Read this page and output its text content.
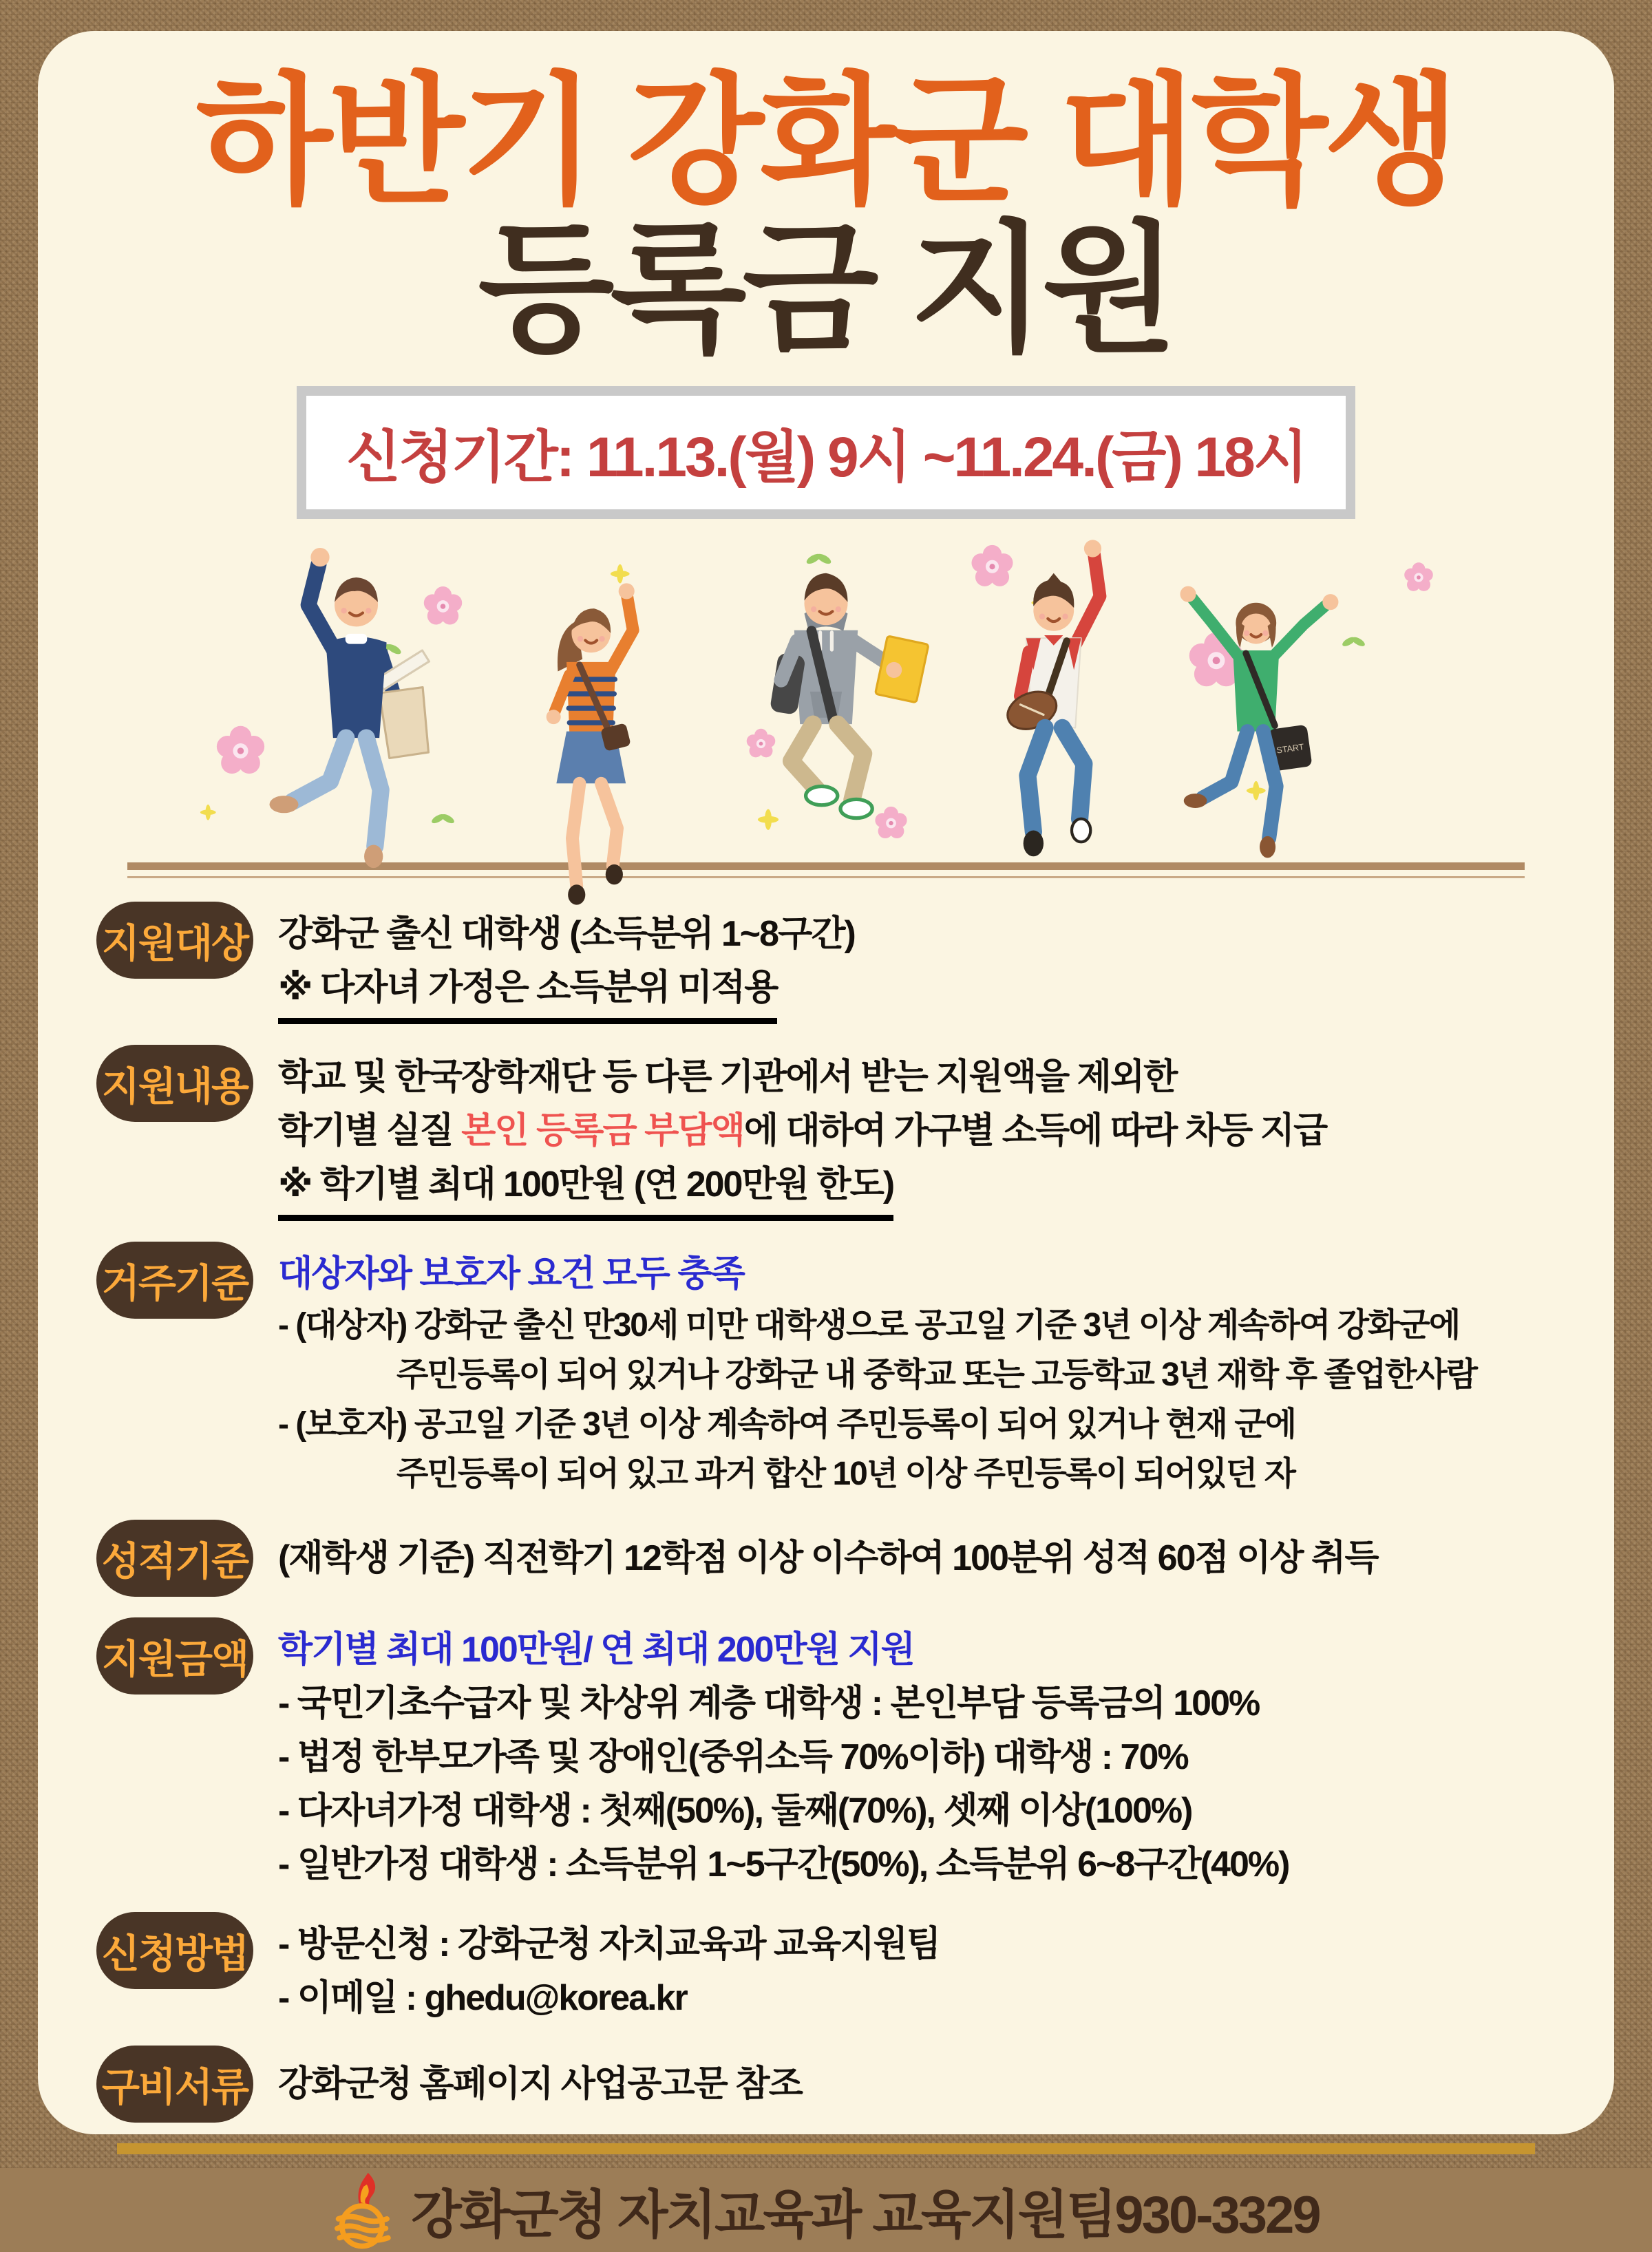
하반기 강화군 대학생
등록금 지원
신청기간: 11.13.(월) 9시 ~11.24.(금) 18시
START
지원대상 강화군 출신 대학생 (소득분위 1~8구간)
※ 다자녀 가정은 소득분위 미적용
지원내용 학교 및 한국장학재단 등 다른 기관에서 받는 지원액을 제외한
학기별 실질 본인 등록금 부담액에 대하여 가구별 소득에 따라 차등 지급
※ 학기별 최대 100만원 (연 200만원 한도)
거주기준 대상자와 보호자 요건 모두 충족
- (대상자) 강화군 출신 만30세 미만 대학생으로 공고일 기준 3년 이상 계속하여 강화군에
주민등록이 되어 있거나 강화군 내 중학교 또는 고등학교 3년 재학 후 졸업한사람
- (보호자) 공고일 기준 3년 이상 계속하여 주민등록이 되어 있거나 현재 군에
주민등록이 되어 있고 과거 합산 10년 이상 주민등록이 되어있던 자
성적기준 (재학생 기준) 직전학기 12학점 이상 이수하여 100분위 성적 60점 이상 취득
지원금액 학기별 최대 100만원/ 연 최대 200만원 지원
- 국민기초수급자 및 차상위 계층 대학생 : 본인부담 등록금의 100%
- 법정 한부모가족 및 장애인(중위소득 70%이하) 대학생 : 70%
- 다자녀가정 대학생 : 첫째(50%), 둘째(70%), 셋째 이상(100%)
- 일반가정 대학생 : 소득분위 1~5구간(50%), 소득분위 6~8구간(40%)
신청방법 - 방문신청 : 강화군청 자치교육과 교육지원팀
- 이메일 : ghedu@korea.kr
구비서류 강화군청 홈페이지 사업공고문 참조
강화군청 자치교육과 교육지원팀930-3329
